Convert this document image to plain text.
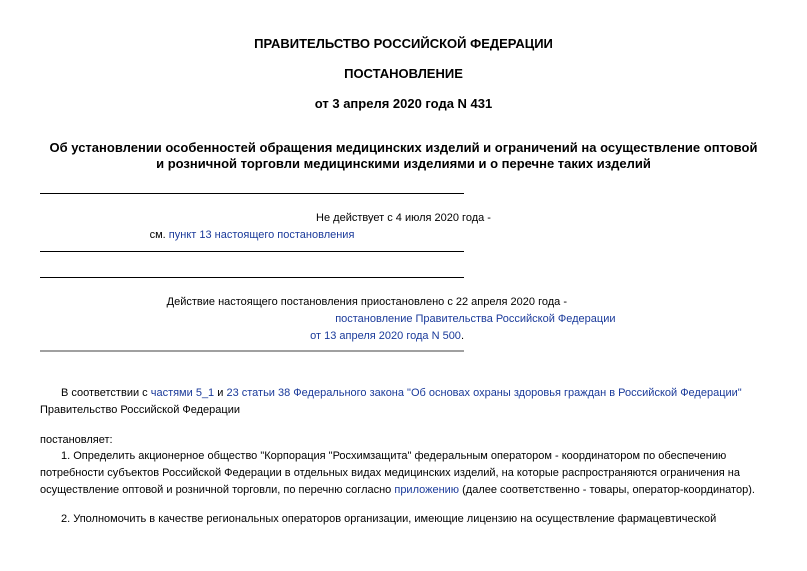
ПРАВИТЕЛЬСТВО РОССИЙСКОЙ ФЕДЕРАЦИИ
ПОСТАНОВЛЕНИЕ
от 3 апреля 2020 года N 431
Об установлении особенностей обращения медицинских изделий и ограничений на осуществление оптовой
и розничной торговли медицинскими изделиями и о перечне таких изделий
Не действует с 4 июля 2020 года -
см. пункт 13 настоящего постановления
Действие настоящего постановления приостановлено с 22 апреля 2020 года -
постановление Правительства Российской Федерации
от 13 апреля 2020 года N 500.
В соответствии с частями 5_1 и 23 статьи 38 Федерального закона "Об основах охраны здоровья граждан в Российской Федерации"
Правительство Российской Федерации
постановляет:
1. Определить акционерное общество "Корпорация "Росхимзащита" федеральным оператором - координатором по обеспечению
потребности субъектов Российской Федерации в отдельных видах медицинских изделий, на которые распространяются ограничения на
осуществление оптовой и розничной торговли, по перечню согласно приложению (далее соответственно - товары, оператор-координатор).
2. Уполномочить в качестве региональных операторов организации, имеющие лицензию на осуществление фармацевтической
